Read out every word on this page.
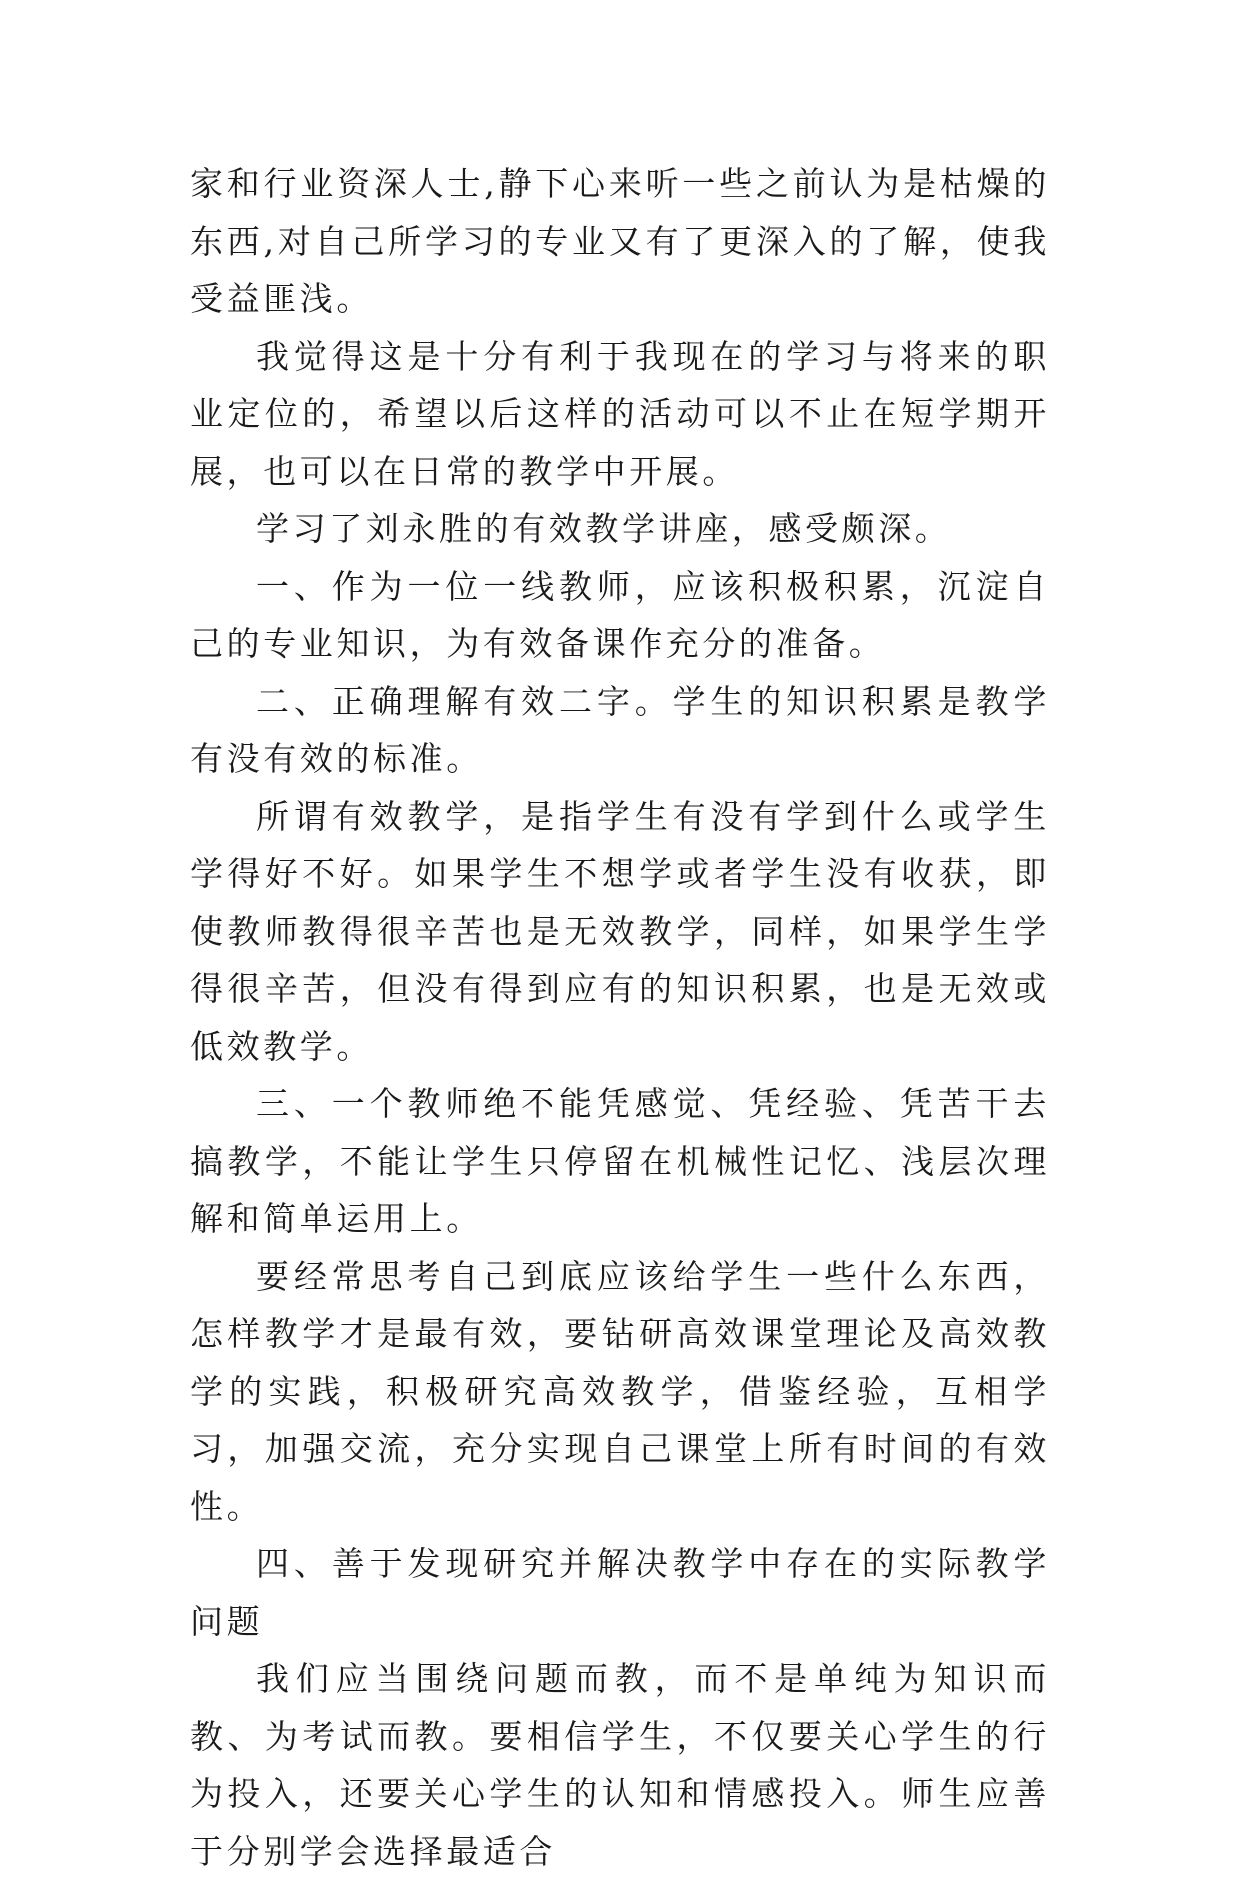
家和行业资深人士,静下心来听一些之前认为是枯燥的东西,对自己所学习的专业又有了更深入的了解，使我受益匪浅。

我觉得这是十分有利于我现在的学习与将来的职业定位的，希望以后这样的活动可以不止在短学期开展，也可以在日常的教学中开展。

学习了刘永胜的有效教学讲座，感受颇深。

一、作为一位一线教师，应该积极积累，沉淀自己的专业知识，为有效备课作充分的准备。

二、正确理解有效二字。学生的知识积累是教学有没有效的标准。

所谓有效教学，是指学生有没有学到什么或学生学得好不好。如果学生不想学或者学生没有收获，即使教师教得很辛苦也是无效教学，同样，如果学生学得很辛苦，但没有得到应有的知识积累，也是无效或低效教学。

三、一个教师绝不能凭感觉、凭经验、凭苦干去搞教学，不能让学生只停留在机械性记忆、浅层次理解和简单运用上。

要经常思考自己到底应该给学生一些什么东西，怎样教学才是最有效，要钻研高效课堂理论及高效教学的实践，积极研究高效教学，借鉴经验，互相学习，加强交流，充分实现自己课堂上所有时间的有效性。

四、善于发现研究并解决教学中存在的实际教学问题

我们应当围绕问题而教，而不是单纯为知识而教、为考试而教。要相信学生，不仅要关心学生的行为投入，还要关心学生的认知和情感投入。师生应善于分别学会选择最适合
